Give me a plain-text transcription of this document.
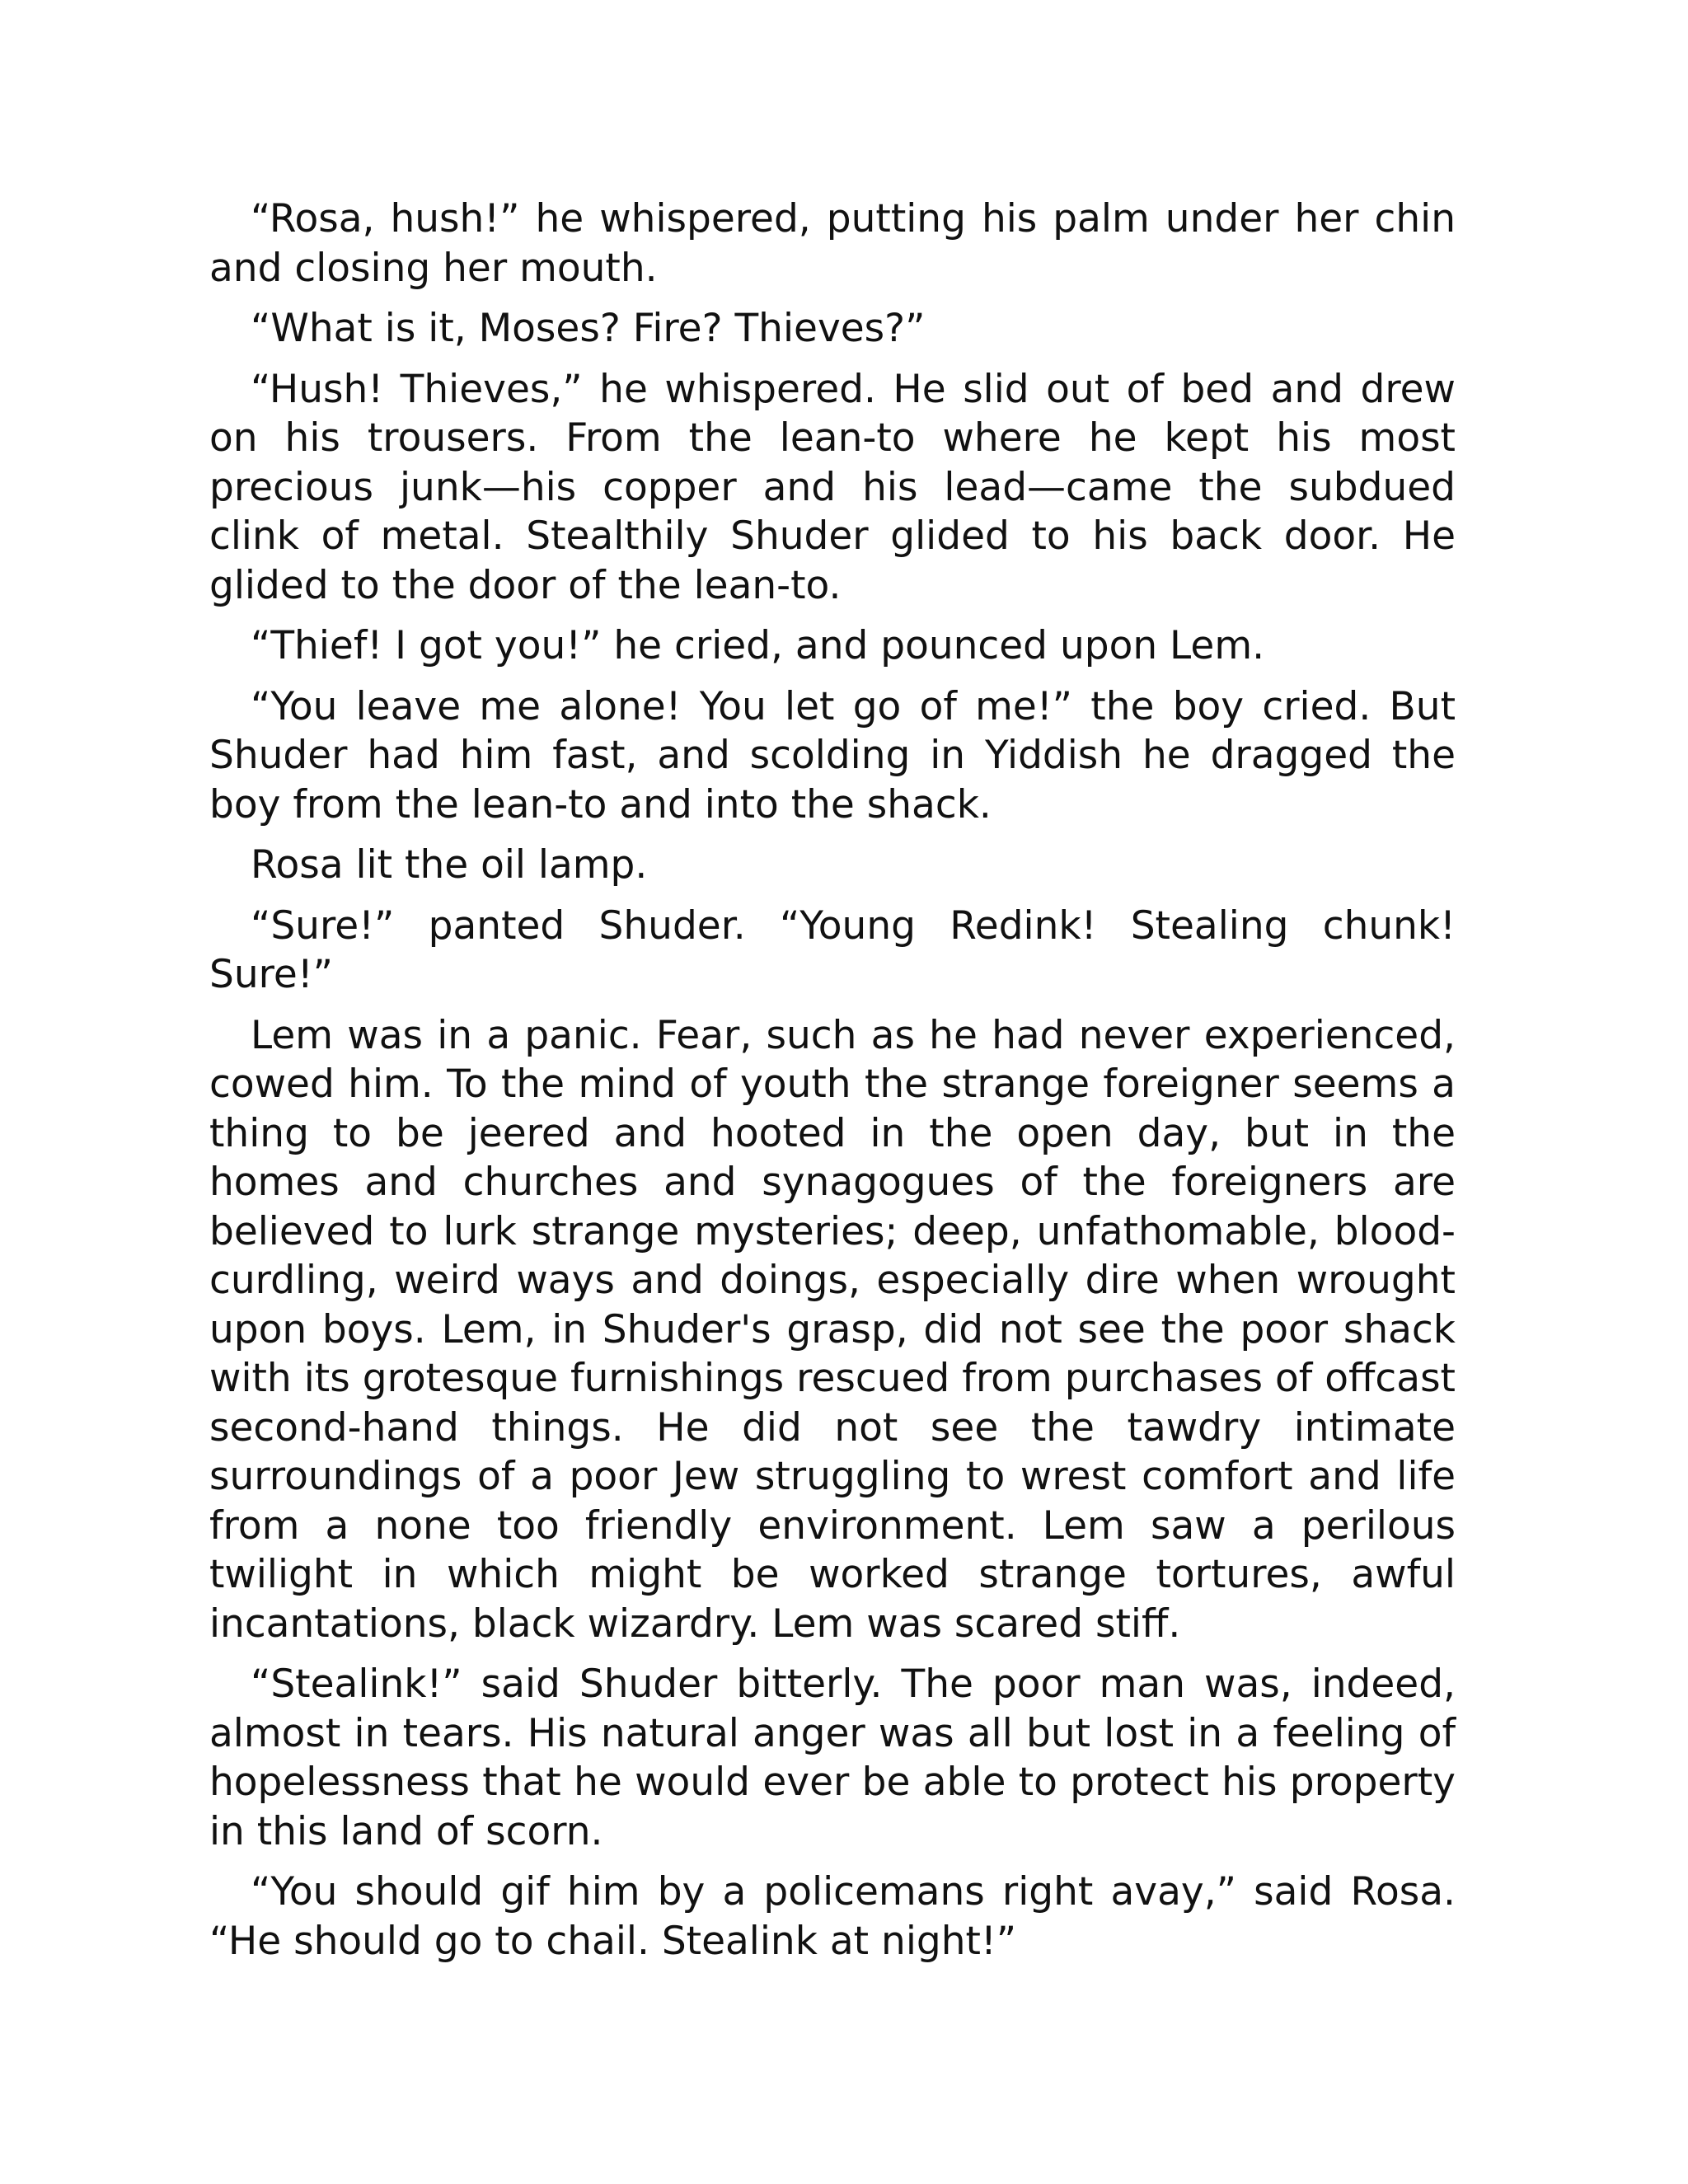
“Rosa, hush!” he whispered, putting his palm under her chin and closing her mouth.

“What is it, Moses? Fire? Thieves?”

“Hush! Thieves,” he whispered. He slid out of bed and drew on his trousers. From the lean-to where he kept his most precious junk—his copper and his lead—came the subdued clink of metal. Stealthily Shuder glided to his back door. He glided to the door of the lean-to.

“Thief! I got you!” he cried, and pounced upon Lem.

“You leave me alone! You let go of me!” the boy cried. But Shuder had him fast, and scolding in Yiddish he dragged the boy from the lean-to and into the shack.

Rosa lit the oil lamp.

“Sure!” panted Shuder. “Young Redink! Stealing chunk! Sure!”

Lem was in a panic. Fear, such as he had never experienced, cowed him. To the mind of youth the strange foreigner seems a thing to be jeered and hooted in the open day, but in the homes and churches and synagogues of the foreigners are believed to lurk strange mysteries; deep, unfathomable, blood-curdling, weird ways and doings, especially dire when wrought upon boys. Lem, in Shuder's grasp, did not see the poor shack with its grotesque furnishings rescued from purchases of offcast second-hand things. He did not see the tawdry intimate surroundings of a poor Jew struggling to wrest comfort and life from a none too friendly environment. Lem saw a perilous twilight in which might be worked strange tortures, awful incantations, black wizardry. Lem was scared stiff.

“Stealink!” said Shuder bitterly. The poor man was, indeed, almost in tears. His natural anger was all but lost in a feeling of hopelessness that he would ever be able to protect his property in this land of scorn.

“You should gif him by a policemans right avay,” said Rosa. “He should go to chail. Stealink at night!”
